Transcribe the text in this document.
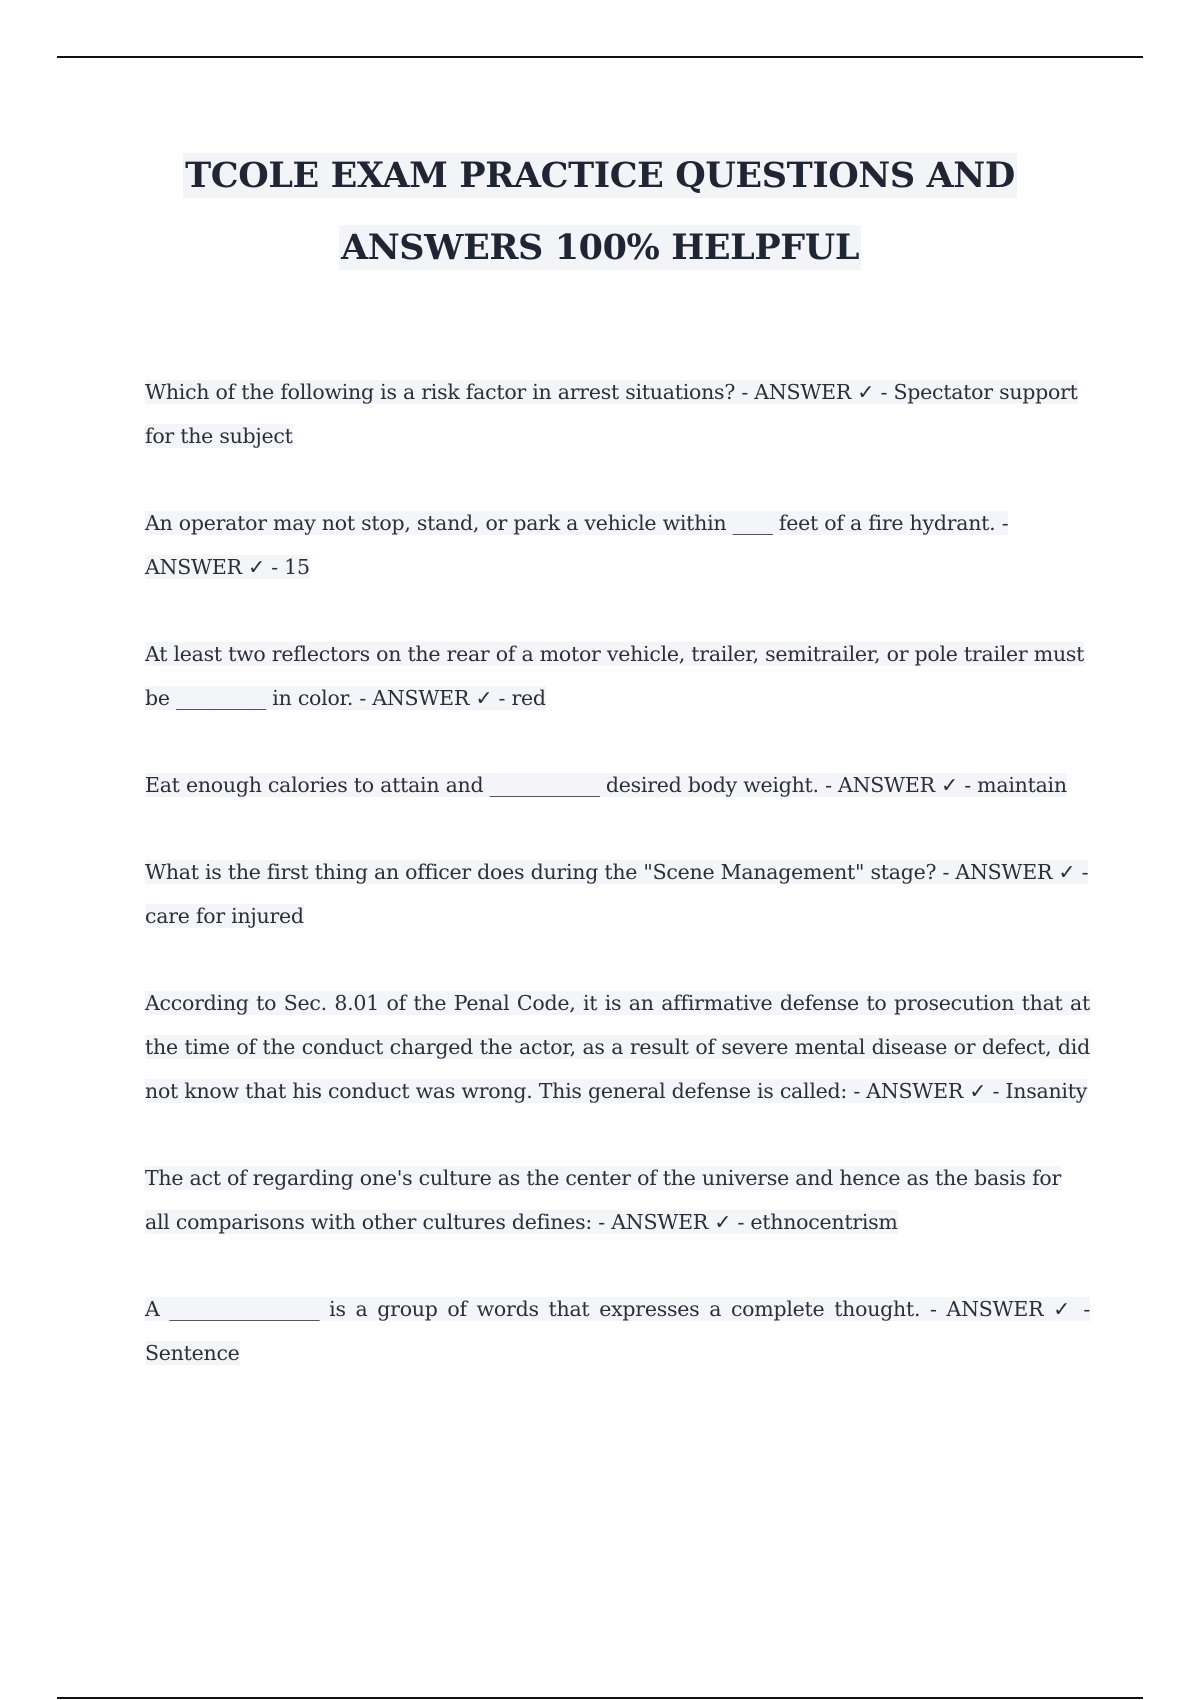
TCOLE EXAM PRACTICE QUESTIONS AND
ANSWERS 100% HELPFUL

Which of the following is a risk factor in arrest situations? - ANSWER ✓ - Spectator support for the subject

An operator may not stop, stand, or park a vehicle within ____ feet of a fire hydrant. - ANSWER ✓ - 15

At least two reflectors on the rear of a motor vehicle, trailer, semitrailer, or pole trailer must be _________ in color. - ANSWER ✓ - red

Eat enough calories to attain and ___________ desired body weight. - ANSWER ✓ - maintain

What is the first thing an officer does during the "Scene Management" stage? - ANSWER ✓ - care for injured

According to Sec. 8.01 of the Penal Code, it is an affirmative defense to prosecution that at the time of the conduct charged the actor, as a result of severe mental disease or defect, did not know that his conduct was wrong. This general defense is called: - ANSWER ✓ - Insanity

The act of regarding one's culture as the center of the universe and hence as the basis for all comparisons with other cultures defines: - ANSWER ✓ - ethnocentrism

A _______________ is a group of words that expresses a complete thought. - ANSWER ✓ - Sentence
